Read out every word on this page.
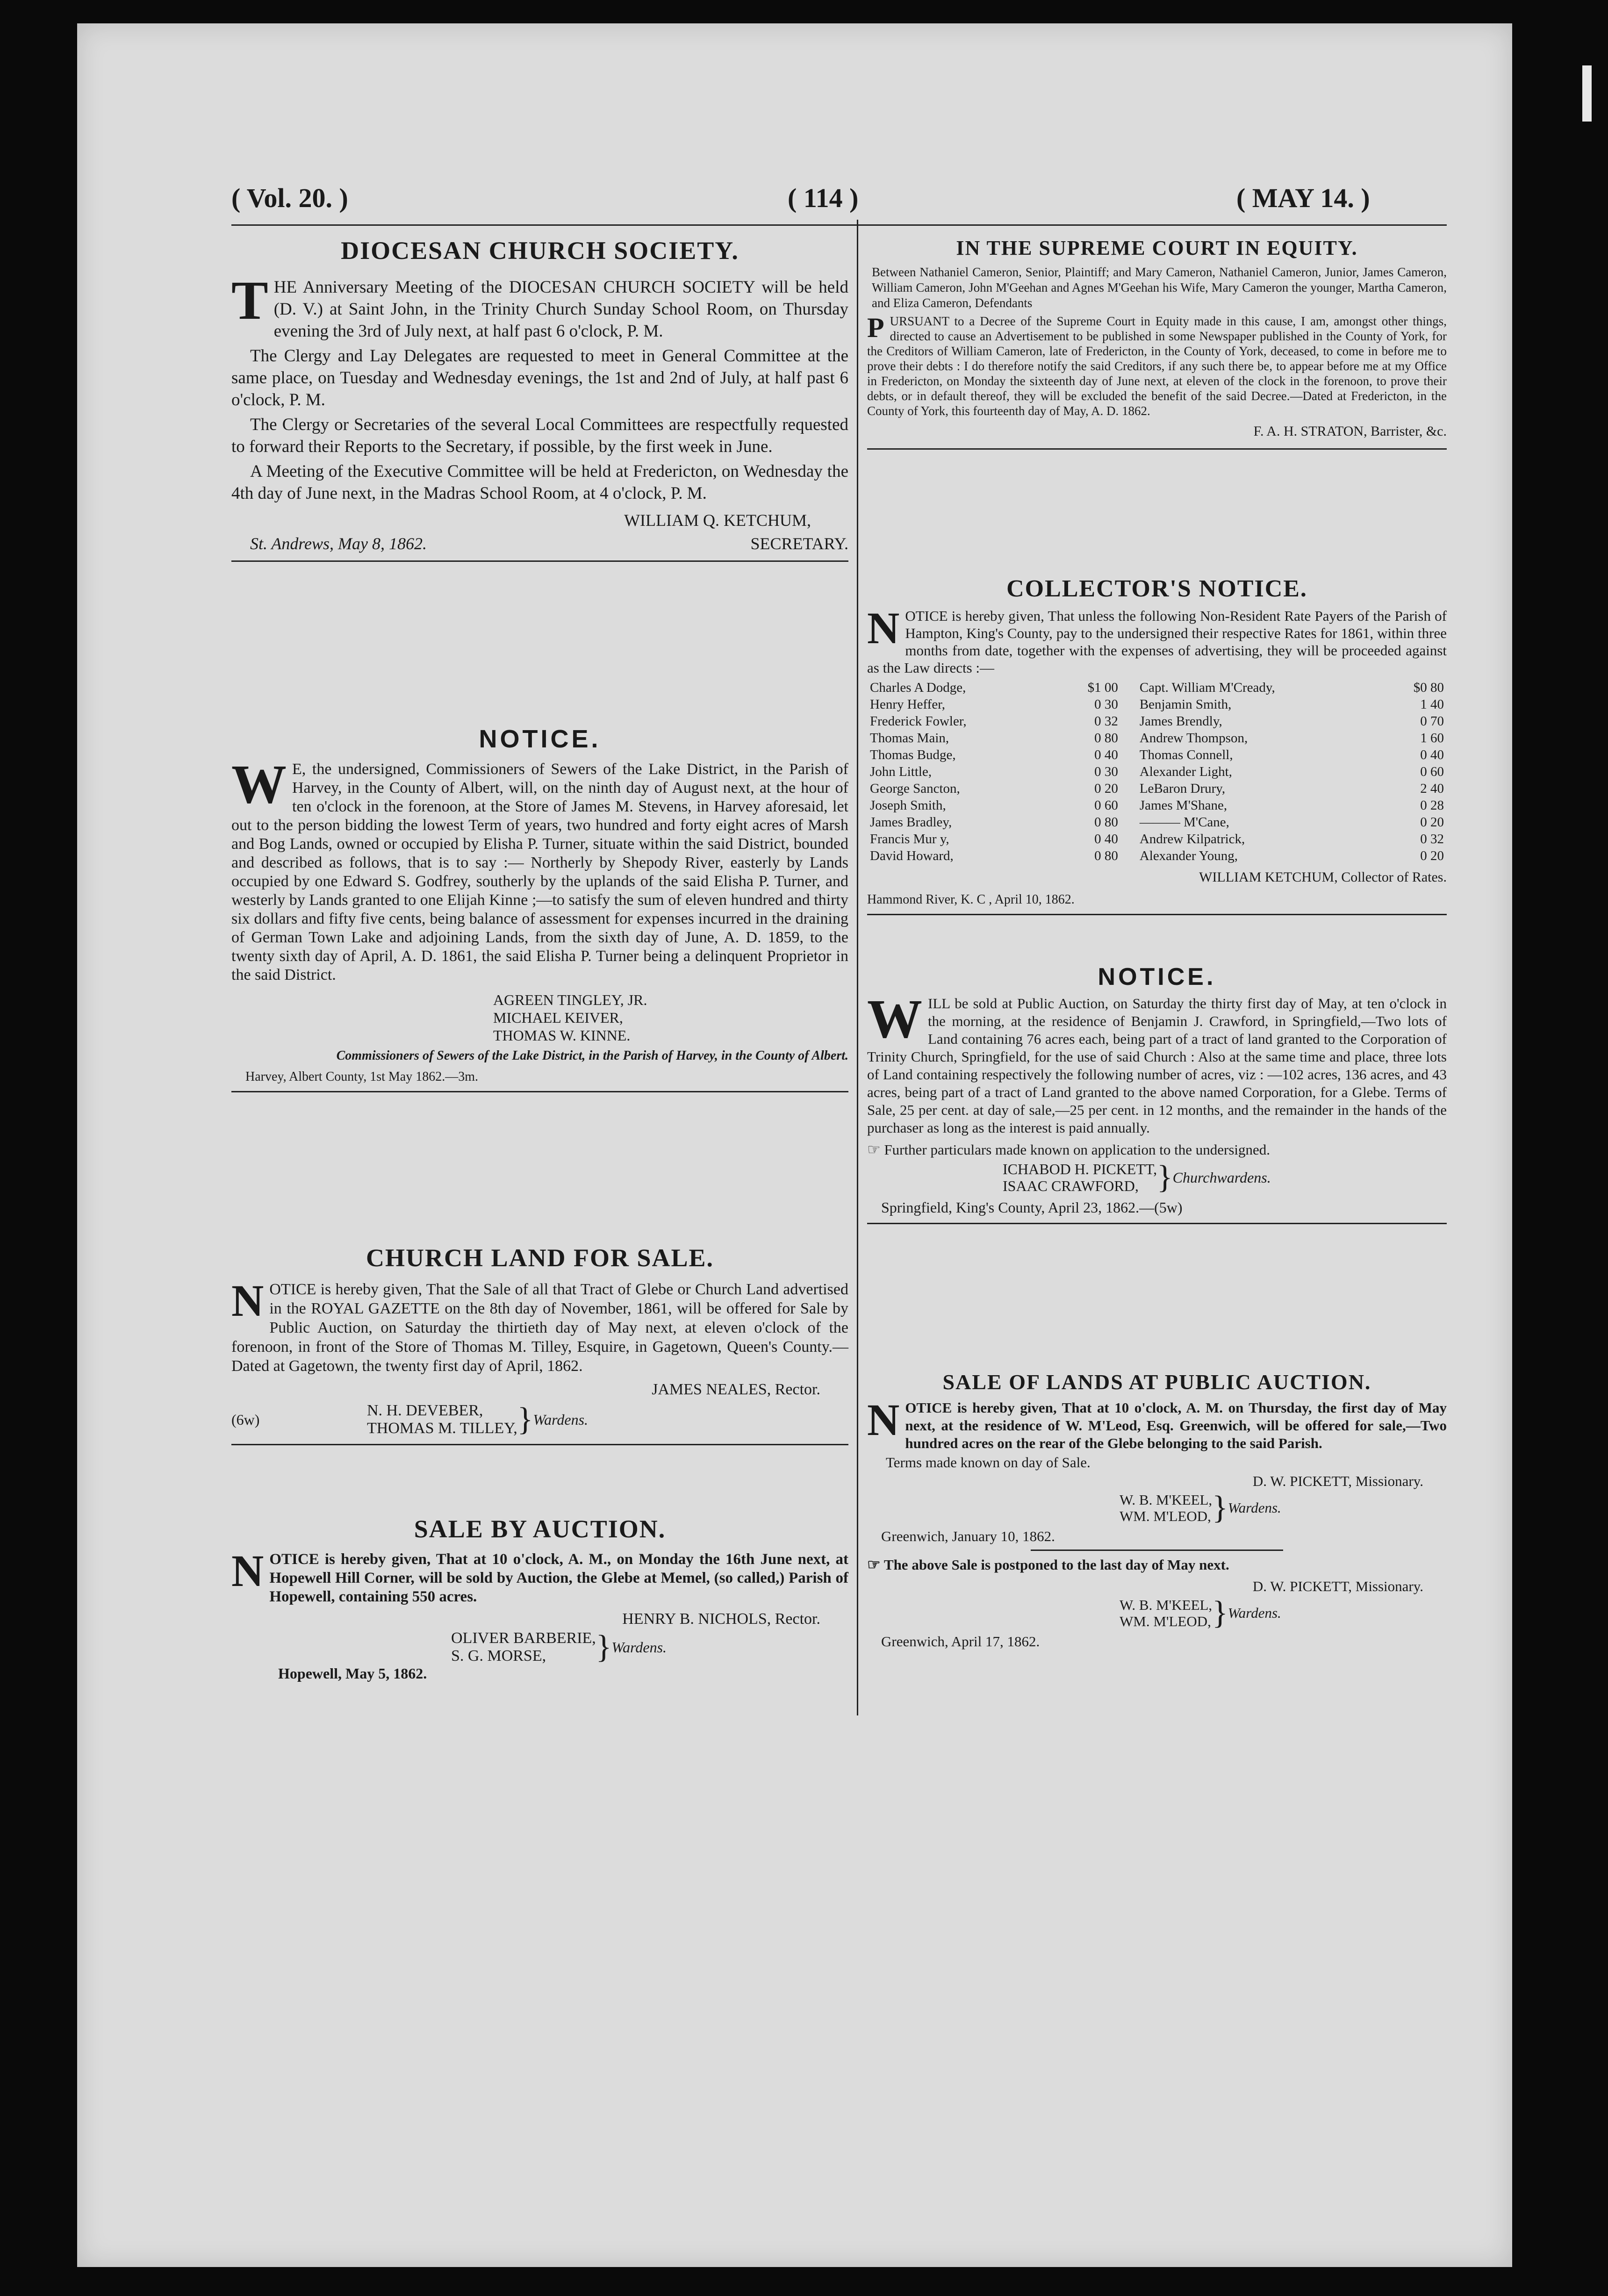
( Vol. 20. )	( 114 )	( MAY 14. )
DIOCESAN CHURCH SOCIETY.
T HE Anniversary Meeting of the DIOCESAN CHURCH SOCIETY will be held (D. V.) at Saint John, in the Trinity Church Sunday School Room, on Thursday evening the 3rd of July next, at half past 6 o'clock, P. M.

The Clergy and Lay Delegates are requested to meet in General Committee at the same place, on Tuesday and Wednesday evenings, the 1st and 2nd of July, at half past 6 o'clock, P. M.

The Clergy or Secretaries of the several Local Committees are respectfully requested to forward their Reports to the Secretary, if possible, by the first week in June.

A Meeting of the Executive Committee will be held at Fredericton, on Wednesday the 4th day of June next, in the Madras School Room, at 4 o'clock, P. M.

WILLIAM Q. KETCHUM,
St. Andrews, May 8, 1862.	SECRETARY.
NOTICE.
W E, the undersigned, Commissioners of Sewers of the Lake District, in the Parish of Harvey, in the County of Albert, will, on the ninth day of August next, at the hour of ten o'clock in the forenoon, at the Store of James M. Stevens, in Harvey aforesaid, let out to the person bidding the lowest Term of years, two hundred and forty eight acres of Marsh and Bog Lands, owned or occupied by Elisha P. Turner, situate within the said District, bounded and described as follows, that is to say :— Northerly by Shepody River, easterly by Lands occupied by one Edward S. Godfrey, southerly by the uplands of the said Elisha P. Turner, and westerly by Lands granted to one Elijah Kinne ;—to satisfy the sum of eleven hundred and thirty six dollars and fifty five cents, being balance of assessment for expenses incurred in the draining of German Town Lake and adjoining Lands, from the sixth day of June, A. D. 1859, to the twenty sixth day of April, A. D. 1861, the said Elisha P. Turner being a delinquent Proprietor in the said District.

AGREEN TINGLEY, JR.
MICHAEL KEIVER,
THOMAS W. KINNE.
Commissioners of Sewers of the Lake District, in the Parish of Harvey, in the County of Albert.
Harvey, Albert County, 1st May 1862.—3m.
CHURCH LAND FOR SALE.
N OTICE is hereby given, That the Sale of all that Tract of Glebe or Church Land advertised in the ROYAL GAZETTE on the 8th day of November, 1861, will be offered for Sale by Public Auction, on Saturday the thirtieth day of May next, at eleven o'clock of the forenoon, in front of the Store of Thomas M. Tilley, Esquire, in Gagetown, Queen's County.—Dated at Gagetown, the twenty first day of April, 1862.

JAMES NEALES, Rector.
(6w)
N. H. DEVEBER,
THOMAS M. TILLEY, } Wardens.
SALE BY AUCTION.
N OTICE is hereby given, That at 10 o'clock, A. M., on Monday the 16th June next, at Hopewell Hill Corner, will be sold by Auction, the Glebe at Memel, (so called,) Parish of Hopewell, containing 550 acres.

HENRY B. NICHOLS, Rector.
OLIVER BARBERIE,
S. G. MORSE,	} Wardens.
Hopewell, May 5, 1862.
IN THE SUPREME COURT IN EQUITY.

Between Nathaniel Cameron, Senior, Plaintiff; and Mary Cameron, Nathaniel Cameron, Junior, James Cameron, William Cameron, John M'Geehan and Agnes M'Geehan his Wife, Mary Cameron the younger, Martha Cameron, and Eliza Cameron, Defendants

P URSUANT to a Decree of the Supreme Court in Equity made in this cause, I am, amongst other things, directed to cause an Advertisement to be published in some Newspaper published in the County of York, for the Creditors of William Cameron, late of Fredericton, in the County of York, deceased, to come in before me to prove their debts : I do therefore notify the said Creditors, if any such there be, to appear before me at my Office in Fredericton, on Monday the sixteenth day of June next, at eleven of the clock in the forenoon, to prove their debts, or in default thereof, they will be excluded the benefit of the said Decree.—Dated at Fredericton, in the County of York, this fourteenth day of May, A. D. 1862.

F. A. H. STRATON, Barrister, &c.
COLLECTOR'S NOTICE.
N OTICE is hereby given, That unless the following Non-Resident Rate Payers of the Parish of Hampton, King's County, pay to the undersigned their respective Rates for 1861, within three months from date, together with the expenses of advertising, they will be proceeded against as the Law directs :—

Charles A Dodge,	$1 00	Capt. William M'Cready,	$0 80
Henry Heffer,	0 30	Benjamin Smith,	1 40
Frederick Fowler,	0 32	James Brendly,	0 70
Thomas Main,	0 80	Andrew Thompson,	1 60
Thomas Budge,	0 40	Thomas Connell,	0 40
John Little,	0 30	Alexander Light,	0 60
George Sancton,	0 20	LeBaron Drury,	2 40
Joseph Smith,	0 60	James M'Shane,	0 28
James Bradley,	0 80	——— M'Cane,	0 20
Francis Mur y,	0 40	Andrew Kilpatrick,	0 32
David Howard,	0 80	Alexander Young,	0 20
WILLIAM KETCHUM, Collector of Rates.
Hammond River, K. C , April 10, 1862.
NOTICE.
W ILL be sold at Public Auction, on Saturday the thirty first day of May, at ten o'clock in the morning, at the residence of Benjamin J. Crawford, in Springfield,—Two lots of Land containing 76 acres each, being part of a tract of land granted to the Corporation of Trinity Church, Springfield, for the use of said Church : Also at the same time and place, three lots of Land containing respectively the following number of acres, viz : —102 acres, 136 acres, and 43 acres, being part of a tract of Land granted to the above named Corporation, for a Glebe. Terms of Sale, 25 per cent. at day of sale,—25 per cent. in 12 months, and the remainder in the hands of the purchaser as long as the interest is paid annually.

☞ Further particulars made known on application to the undersigned.

ICHABOD H. PICKETT,
ISAAC CRAWFORD, } Churchwardens.
Springfield, King's County, April 23, 1862.—(5w)
SALE OF LANDS AT PUBLIC AUCTION.
N OTICE is hereby given, That at 10 o'clock, A. M. on Thursday, the first day of May next, at the residence of W. M'Leod, Esq. Greenwich, will be offered for sale,—Two hundred acres on the rear of the Glebe belonging to the said Parish.

Terms made known on day of Sale.
D. W. PICKETT, Missionary.
W. B. M'KEEL,
WM. M'LEOD, } Wardens.
Greenwich, January 10, 1862.
☞ The above Sale is postponed to the last day of May next.
D. W. PICKETT, Missionary.
W. B. M'KEEL,
WM. M'LEOD, } Wardens.
Greenwich, April 17, 1862.
